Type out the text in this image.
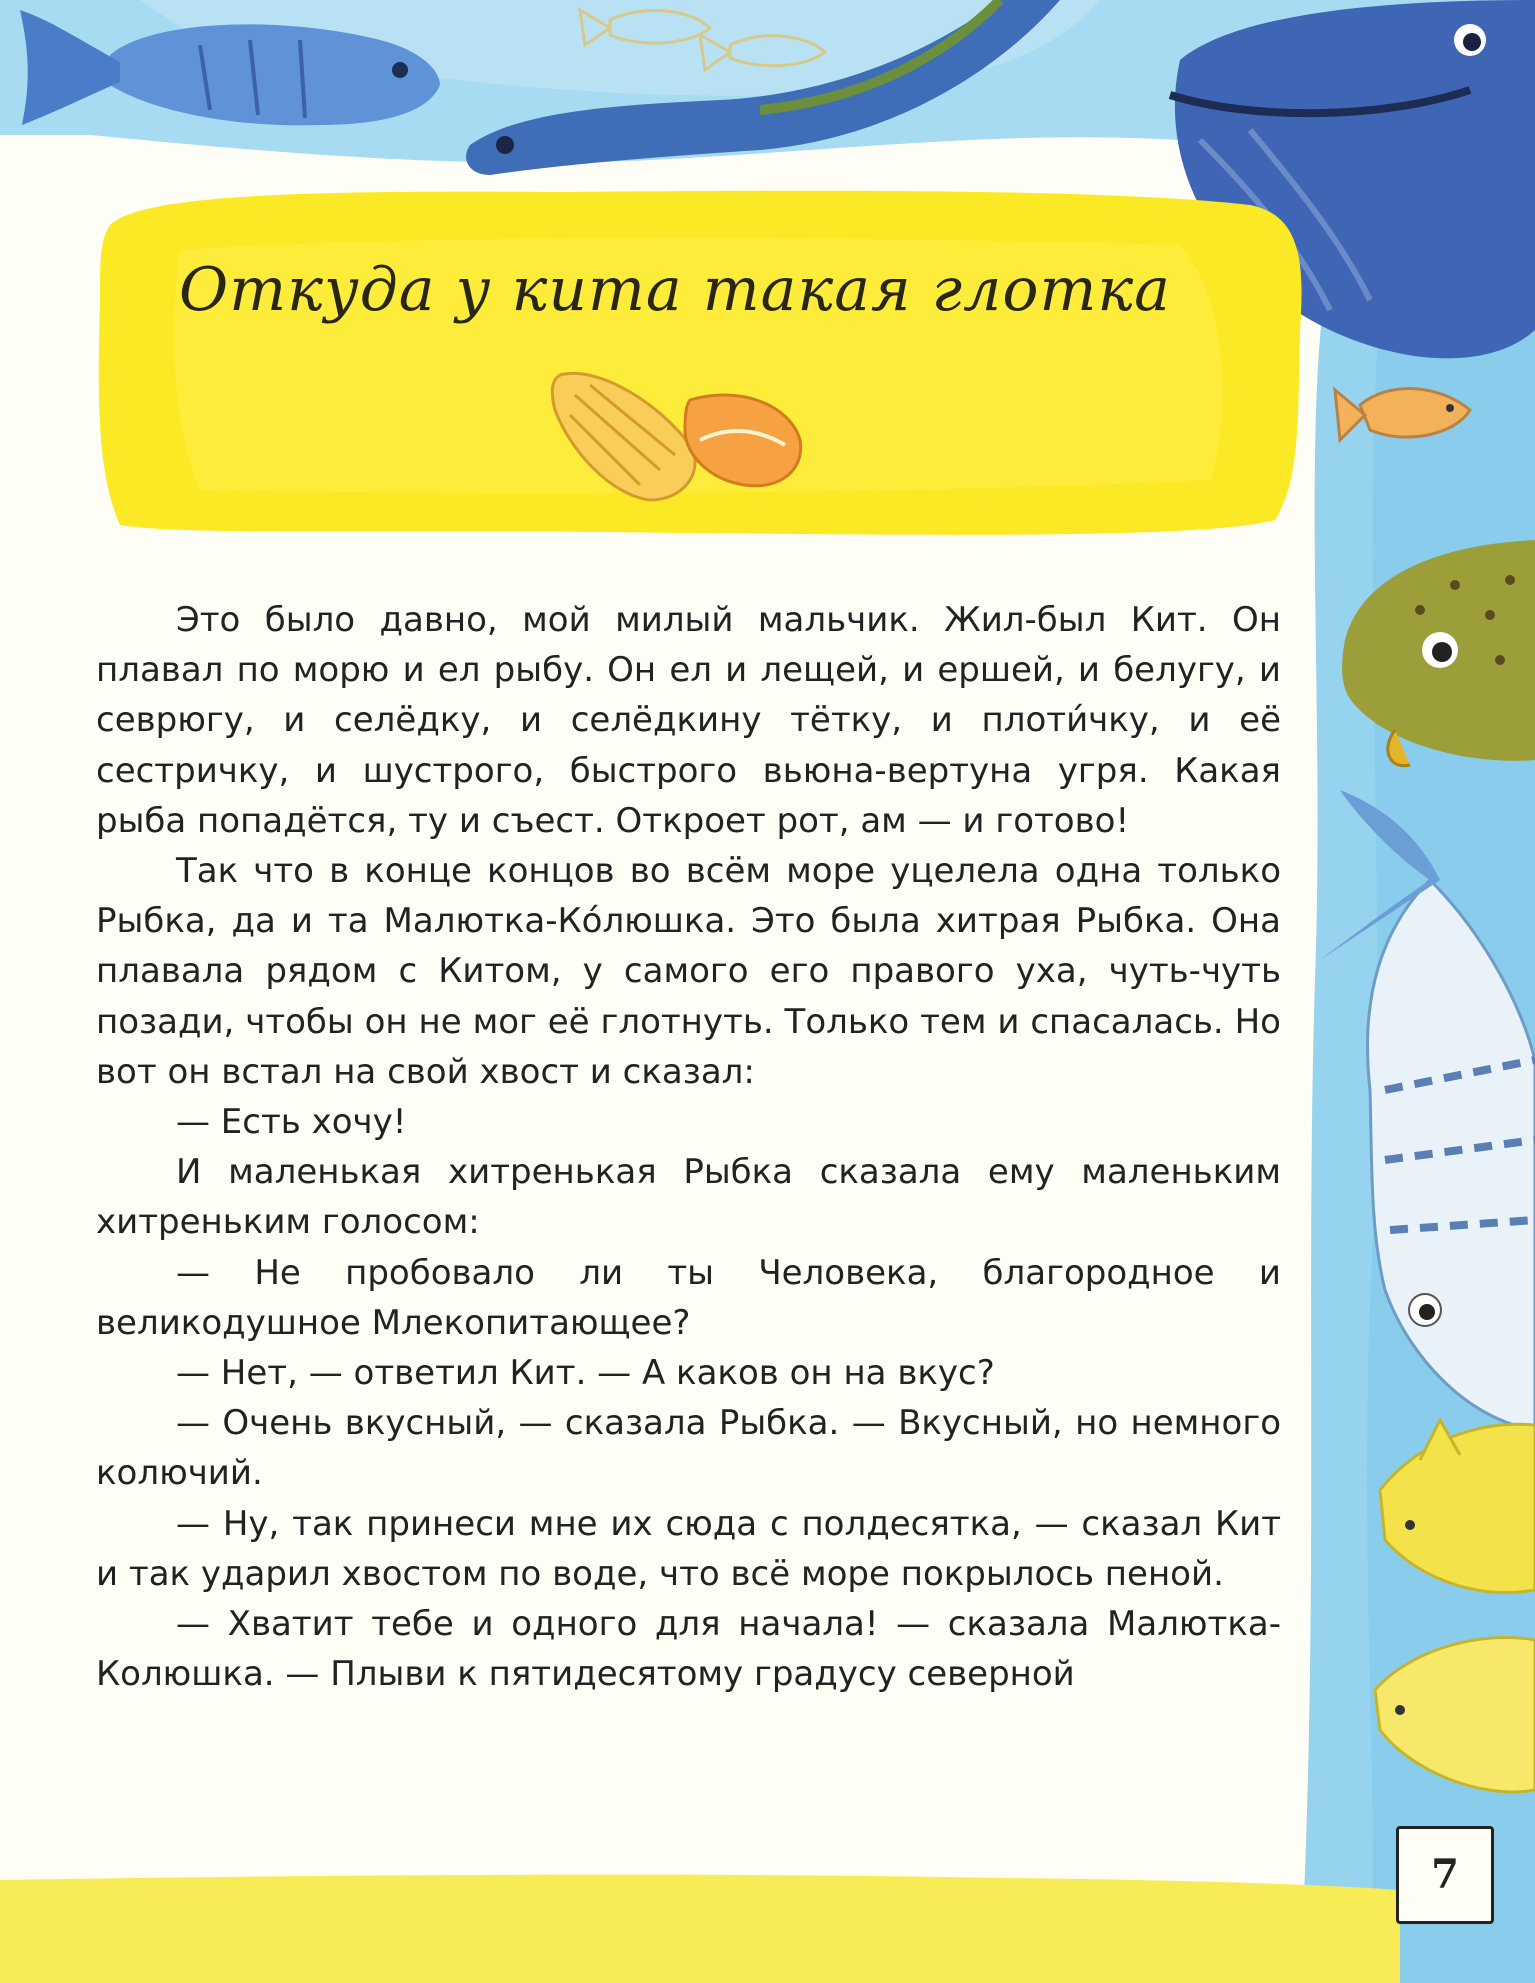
Откуда у кита такая глотка

Это было давно, мой милый мальчик. Жил-был Кит. Он плавал по морю и ел рыбу. Он ел и лещей, и ершей, и белугу, и севрюгу, и селёдку, и селёдкину тётку, и плоти́чку, и её сестричку, и шустрого, быстрого вьюна-вертуна угря. Какая рыба попадётся, ту и съест. Откроет рот, ам — и готово!

Так что в конце концов во всём море уцелела одна только Рыбка, да и та Малютка-Ко́люшка. Это была хитрая Рыбка. Она плавала рядом с Китом, у самого его правого уха, чуть-чуть позади, чтобы он не мог её глотнуть. Только тем и спасалась. Но вот он встал на свой хвост и сказал:

— Есть хочу!

И маленькая хитренькая Рыбка сказала ему маленьким хитреньким голосом:

— Не пробовало ли ты Человека, благородное и великодушное Млекопитающее?

— Нет, — ответил Кит. — А каков он на вкус?

— Очень вкусный, — сказала Рыбка. — Вкусный, но немного колючий.

— Ну, так принеси мне их сюда с полдесятка, — сказал Кит и так ударил хвостом по воде, что всё море покрылось пеной.

— Хватит тебе и одного для начала! — сказала Малютка-Колюшка. — Плыви к пятидесятому градусу северной

7
